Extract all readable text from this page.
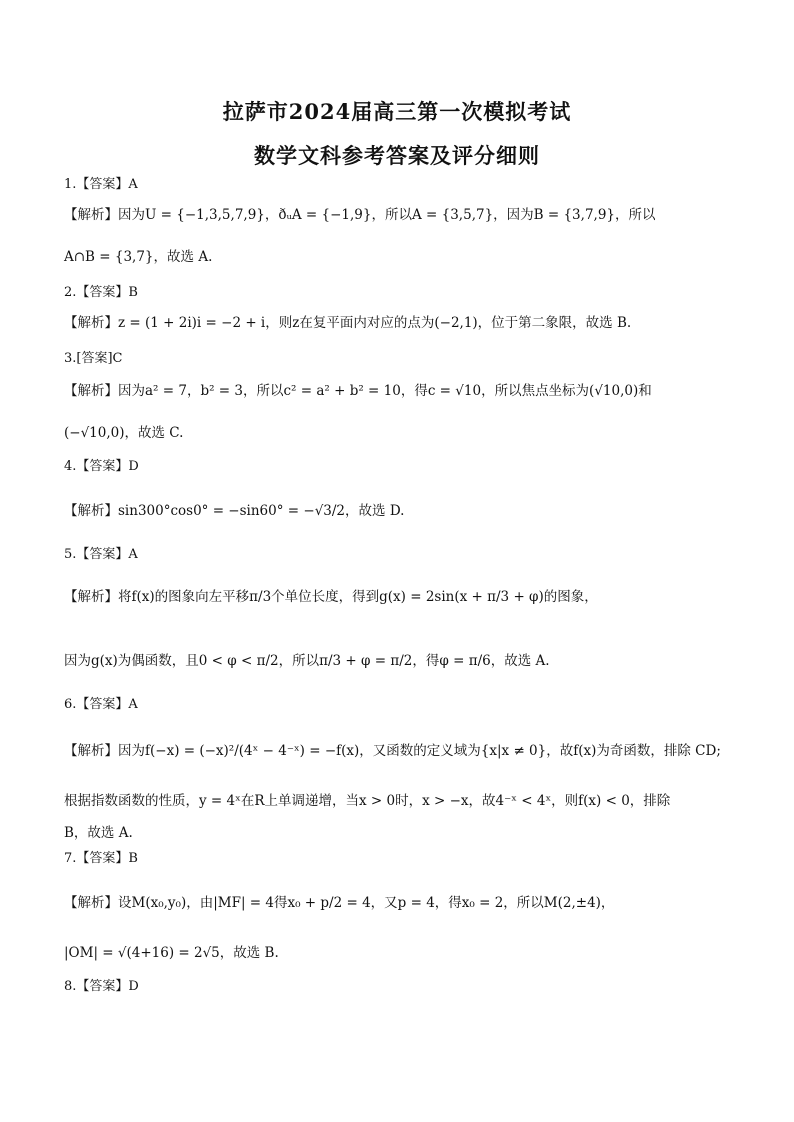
拉萨市2024届高三第一次模拟考试
数学文科参考答案及评分细则
1.【答案】A
【解析】因为U = {−1,3,5,7,9}，ðᵤA = {−1,9}，所以A = {3,5,7}，因为B = {3,7,9}，所以
A∩B = {3,7}，故选 A.
2.【答案】B
【解析】z = (1 + 2i)i = −2 + i，则z在复平面内对应的点为(−2,1)，位于第二象限，故选 B.
3.[答案]C
【解析】因为a² = 7，b² = 3，所以c² = a² + b² = 10，得c = √10，所以焦点坐标为(√10,0)和
(−√10,0)，故选 C.
4.【答案】D
【解析】sin300°cos0° = −sin60° = −√3/2，故选 D.
5.【答案】A
【解析】将f(x)的图象向左平移π/3个单位长度，得到g(x) = 2sin(x + π/3 + φ)的图象，
因为g(x)为偶函数，且0 < φ < π/2，所以π/3 + φ = π/2，得φ = π/6，故选 A.
6.【答案】A
【解析】因为f(−x) = (−x)²/(4ˣ − 4⁻ˣ) = −f(x)，又函数的定义域为{x|x ≠ 0}，故f(x)为奇函数，排除 CD;
根据指数函数的性质，y = 4ˣ在R上单调递增，当x > 0时，x > −x，故4⁻ˣ < 4ˣ，则f(x) < 0，排除
B，故选 A.
7.【答案】B
【解析】设M(x₀,y₀)，由|MF| = 4得x₀ + p/2 = 4，又p = 4，得x₀ = 2，所以M(2,±4)，
|OM| = √(4+16) = 2√5，故选 B.
8.【答案】D
